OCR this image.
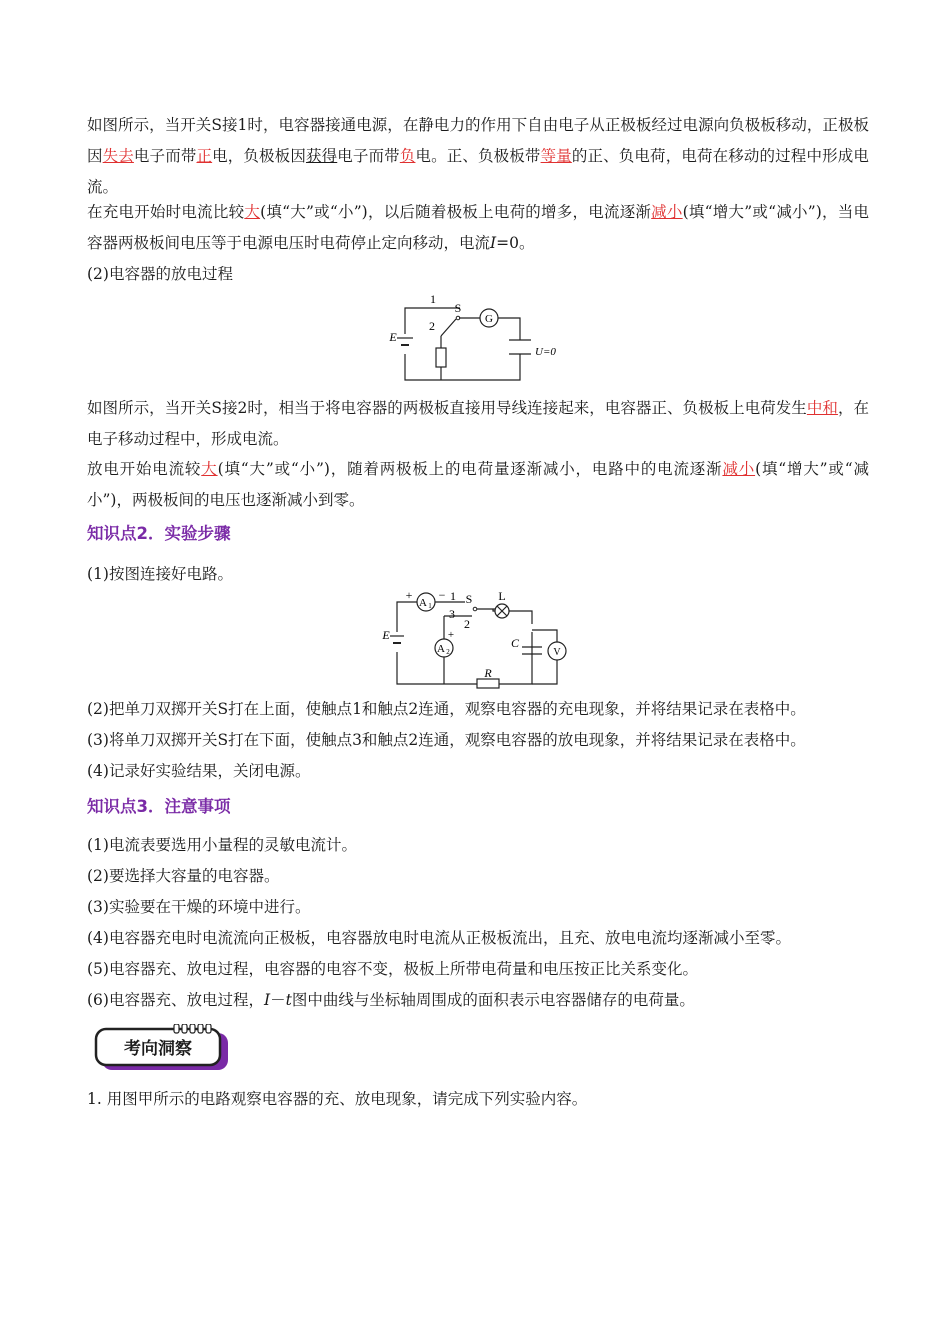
如图所示，当开关S接1时，电容器接通电源，在静电力的作用下自由电子从正极板经过电源向负极板移动，正极板因失去电子而带正电，负极板因获得电子而带负电。正、负极板带等量的正、负电荷，电荷在移动的过程中形成电流。

在充电开始时电流比较大(填“大”或“小”)，以后随着极板上电荷的增多，电流逐渐减小(填“增大”或“减小”)，当电容器两极板间电压等于电源电压时电荷停止定向移动，电流I=0。

(2)电容器的放电过程

1
S
2
E
G
U=0

如图所示，当开关S接2时，相当于将电容器的两极板直接用导线连接起来，电容器正、负极板上电荷发生中和，在电子移动过程中，形成电流。

放电开始电流较大(填“大”或“小”)，随着两极板上的电荷量逐渐减小，电路中的电流逐渐减小(填“增大”或“减小”)，两极板间的电压也逐渐减小到零。

知识点2．实验步骤

(1)按图连接好电路。

A 1
A 2
+ −
+
1 S
3
2
L
E
C
V
R

(2)把单刀双掷开关S打在上面，使触点1和触点2连通，观察电容器的充电现象，并将结果记录在表格中。

(3)将单刀双掷开关S打在下面，使触点3和触点2连通，观察电容器的放电现象，并将结果记录在表格中。

(4)记录好实验结果，关闭电源。

知识点3．注意事项

(1)电流表要选用小量程的灵敏电流计。

(2)要选择大容量的电容器。

(3)实验要在干燥的环境中进行。

(4)电容器充电时电流流向正极板，电容器放电时电流从正极板流出，且充、放电电流均逐渐减小至零。

(5)电容器充、放电过程，电容器的电容不变，极板上所带电荷量和电压按正比关系变化。

(6)电容器充、放电过程，I－t图中曲线与坐标轴周围成的面积表示电容器储存的电荷量。

考向洞察

1. 用图甲所示的电路观察电容器的充、放电现象，请完成下列实验内容。
